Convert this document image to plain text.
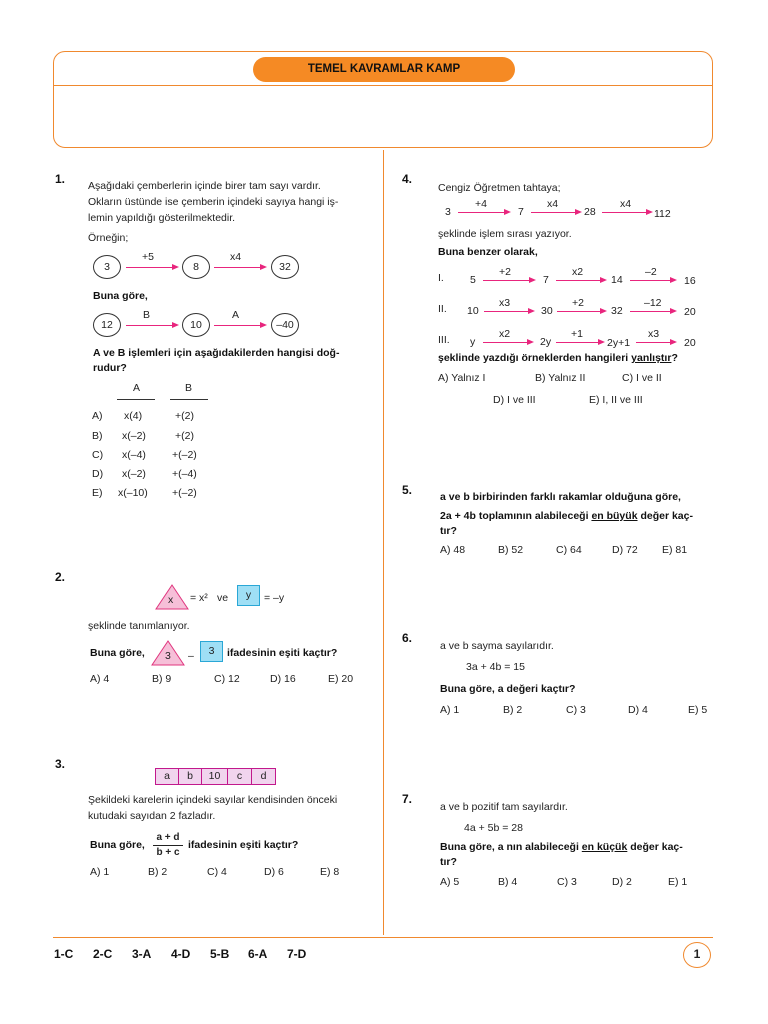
TEMEL KAVRAMLAR KAMP
1. Aşağıdaki çemberlerin içinde birer tam sayı vardır.
Okların üstünde ise çemberin içindeki sayıya hangi iş-
lemin yapıldığı gösterilmektedir.
Örneğin;
3
+5
8
x4
32
Buna göre,
12
B
10
A
–40
A ve B işlemleri için aşağıdakilerden hangisi doğ-
rudur?
A	B
A) x(4)	+(2)
B) x(–2)	+(2)
C) x(–4) +(–2)
D) x(–2) +(–4)
E) x(–10) +(–2)
2.
x = x² ve	y	= –y
şeklinde tanımlanıyor.
Buna göre, 3 –	3	ifadesinin eşiti kaçtır?
A) 4	B) 9	C) 12	D) 16	E) 20
3.
a	b	10	c	d
Şekildeki karelerin içindeki sayılar kendisinden önceki
kutudaki sayıdan 2 fazladır.
Buna göre,
a + d
b + c
ifadesinin eşiti kaçtır?
A) 1	B) 2	C) 4	D) 6	E) 8
4.
Cengiz Öğretmen tahtaya;
3
+4
7
x4
28
x4
112
şeklinde işlem sırası yazıyor.
Buna benzer olarak,
I. 5
+2
7
x2
14
–2
16
II. 10
x3
30
+2
32
–12
20
III. y
x2
2y
+1
2y+1
x3
20
şeklinde yazdığı örneklerden hangileri yanlıştır?
A) Yalnız I	B) Yalnız II	C) I ve II
D) I ve III	E) I, II ve III
5.	a ve b birbirinden farklı rakamlar olduğuna göre,
2a + 4b toplamının alabileceği en büyük değer kaç-
tır?
A) 48	B) 52	C) 64	D) 72 E) 81
6.
a ve b sayma sayılarıdır.
3a + 4b = 15
Buna göre, a değeri kaçtır?
A) 1	B) 2	C) 3	D) 4	E) 5
7.
a ve b pozitif tam sayılardır.
4a + 5b = 28
Buna göre, a nın alabileceği en küçük değer kaç-
tır?
A) 5	B) 4	C) 3	D) 2	E) 1
1-C 2-C 3-A 4-D 5-B 6-A 7-D	1
